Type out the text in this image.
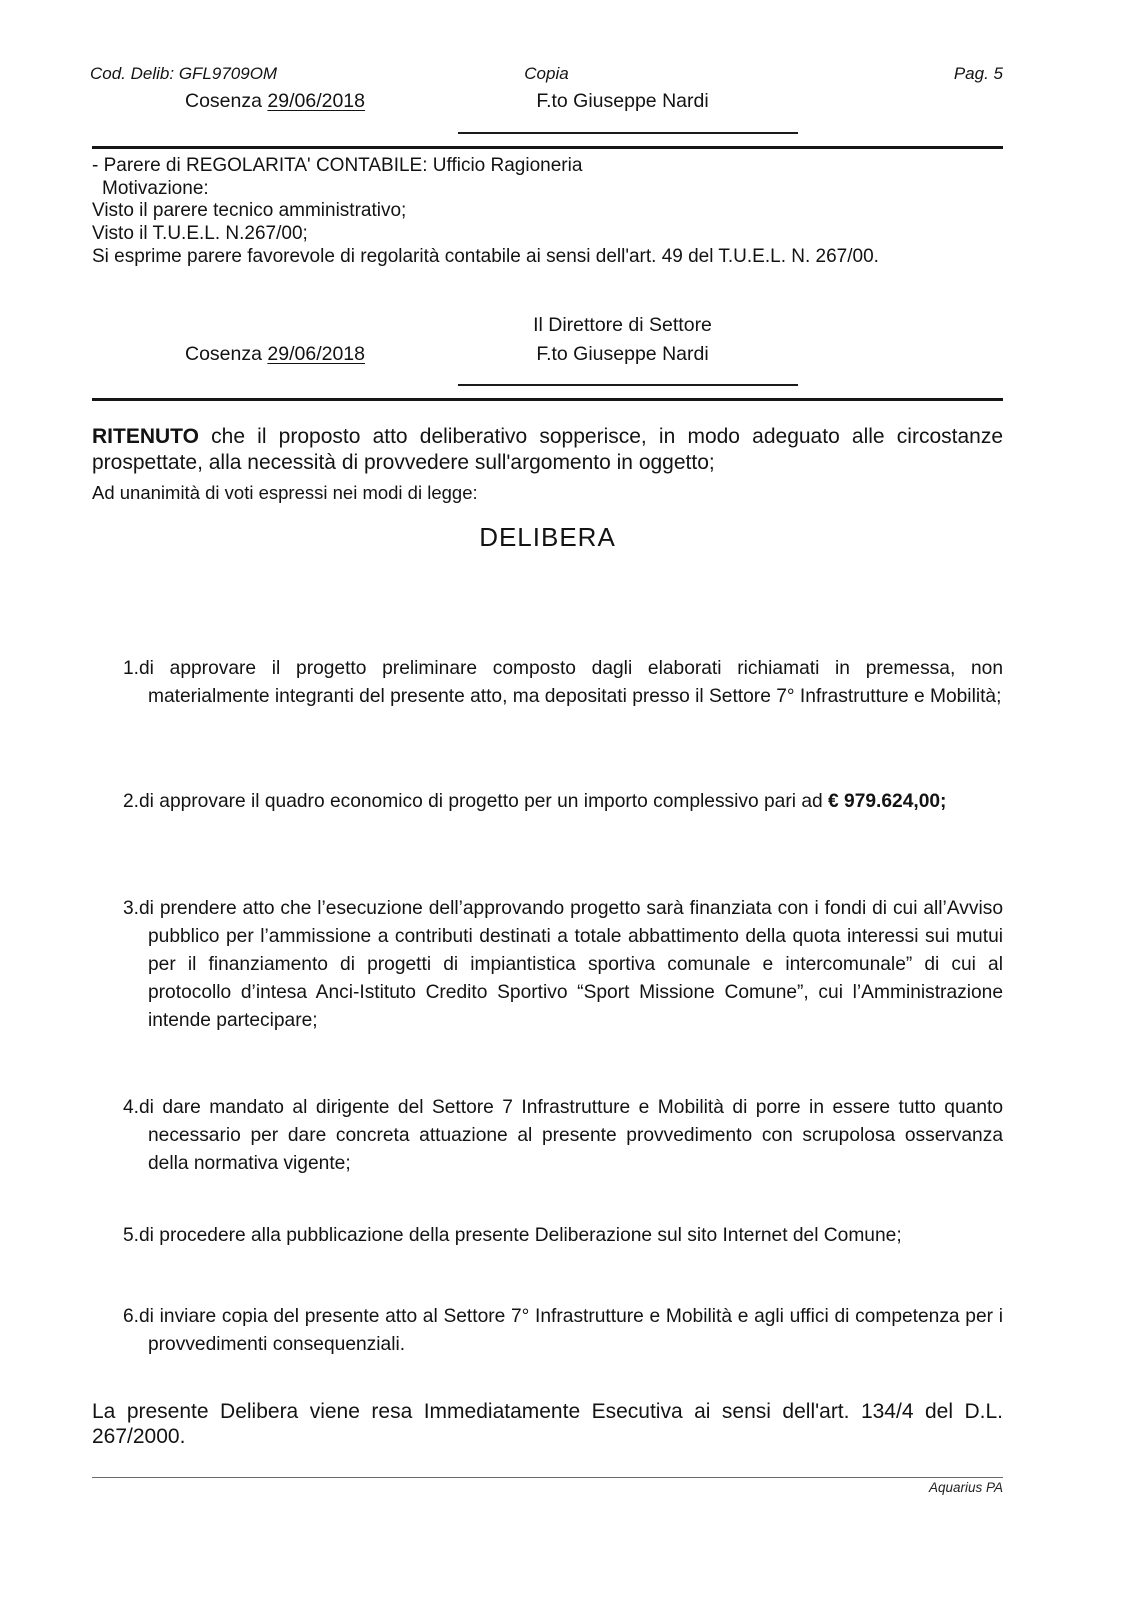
Cod. Delib: GFL9709OM	Copia	Pag. 5
Cosenza 29/06/2018	F.to Giuseppe Nardi
- Parere di REGOLARITA' CONTABILE: Ufficio Ragioneria
Motivazione:
Visto il parere tecnico amministrativo;
Visto il T.U.E.L. N.267/00;
Si esprime parere favorevole di regolarità contabile ai sensi dell'art. 49 del T.U.E.L. N. 267/00.
Il Direttore di Settore
Cosenza 29/06/2018	F.to Giuseppe Nardi
RITENUTO che il proposto atto deliberativo sopperisce, in modo adeguato alle circostanze prospettate, alla necessità di provvedere sull'argomento in oggetto;
Ad unanimità di voti espressi nei modi di legge:
DELIBERA
1.di approvare il progetto preliminare composto dagli elaborati richiamati in premessa, non materialmente integranti del presente atto, ma depositati presso il Settore 7° Infrastrutture e Mobilità;
2.di approvare il quadro economico di progetto per un importo complessivo pari ad € 979.624,00;
3.di prendere atto che l’esecuzione dell’approvando progetto sarà finanziata con i fondi di cui all’Avviso pubblico per l’ammissione a contributi destinati a totale abbattimento della quota interessi sui mutui per il finanziamento di progetti di impiantistica sportiva comunale e intercomunale” di cui al protocollo d’intesa Anci-Istituto Credito Sportivo “Sport Missione Comune”, cui l’Amministrazione intende partecipare;
4.di dare mandato al dirigente del Settore 7 Infrastrutture e Mobilità di porre in essere tutto quanto necessario per dare concreta attuazione al presente provvedimento con scrupolosa osservanza della normativa vigente;
5.di procedere alla pubblicazione della presente Deliberazione sul sito Internet del Comune;
6.di inviare copia del presente atto al Settore 7° Infrastrutture e Mobilità e agli uffici di competenza per i provvedimenti consequenziali.
La presente Delibera viene resa Immediatamente Esecutiva ai sensi dell'art. 134/4 del D.L. 267/2000.
Aquarius PA
